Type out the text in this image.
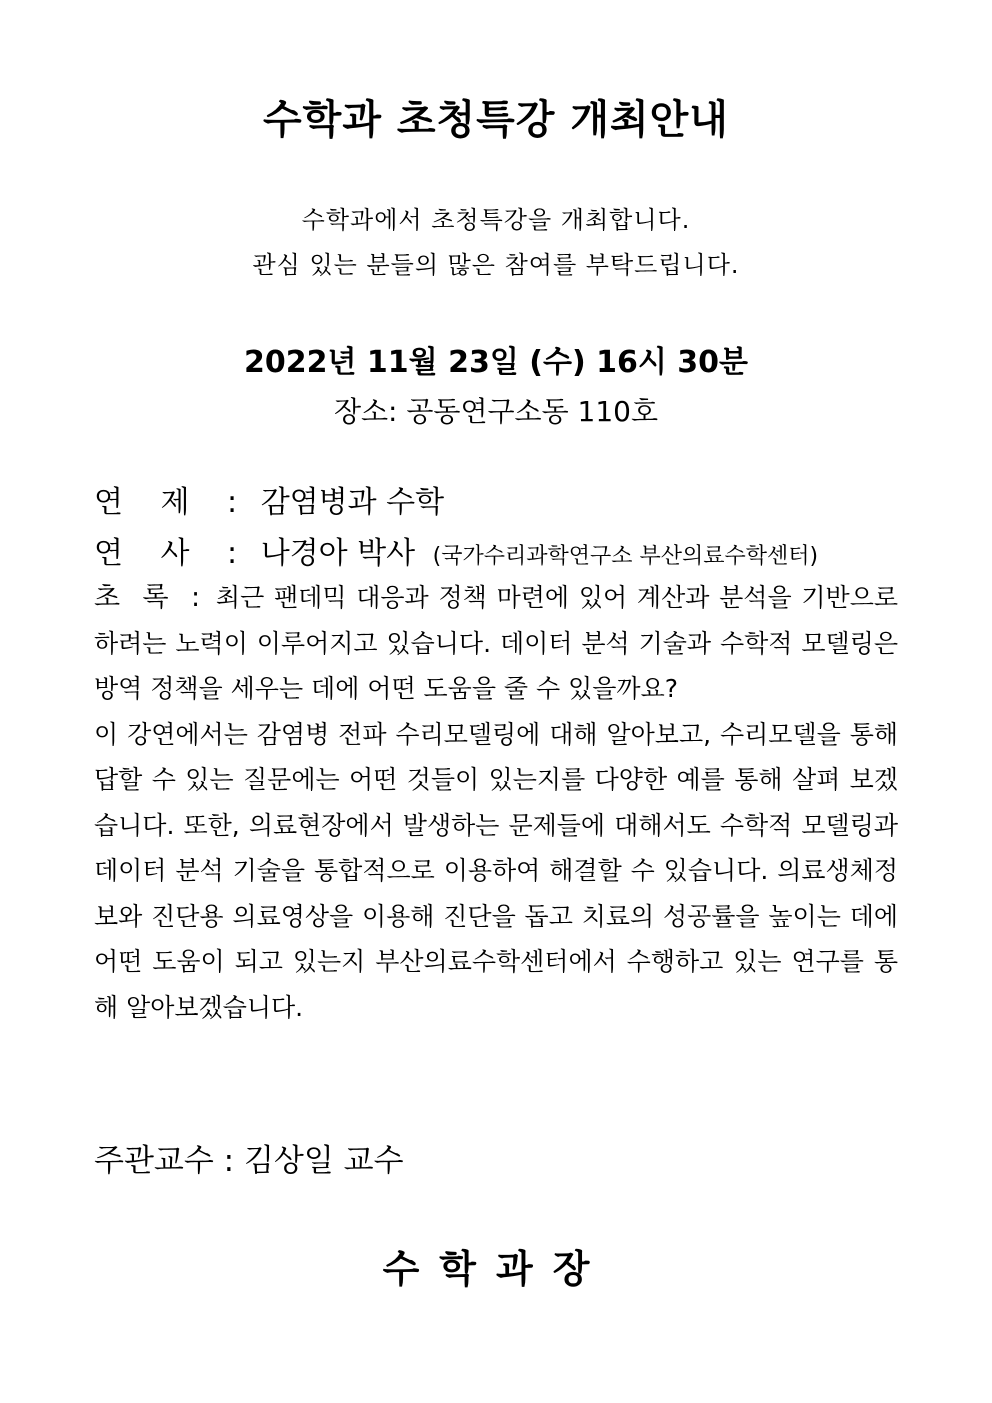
수학과 초청특강 개최안내
수학과에서 초청특강을 개최합니다.
관심 있는 분들의 많은 참여를 부탁드립니다.
2022년 11월 23일 (수) 16시 30분
장소: 공동연구소동 110호
연 제 : 감염병과 수학
연 사 : 나경아 박사 (국가수리과학연구소 부산의료수학센터)

초 록 : 최근 팬데믹 대응과 정책 마련에 있어 계산과 분석을 기반으로 하려는 노력이 이루어지고 있습니다. 데이터 분석 기술과 수학적 모델링은 방역 정책을 세우는 데에 어떤 도움을 줄 수 있을까요?

이 강연에서는 감염병 전파 수리모델링에 대해 알아보고, 수리모델을 통해 답할 수 있는 질문에는 어떤 것들이 있는지를 다양한 예를 통해 살펴 보겠습니다. 또한, 의료현장에서 발생하는 문제들에 대해서도 수학적 모델링과 데이터 분석 기술을 통합적으로 이용하여 해결할 수 있습니다. 의료생체정보와 진단용 의료영상을 이용해 진단을 돕고 치료의 성공률을 높이는 데에 어떤 도움이 되고 있는지 부산의료수학센터에서 수행하고 있는 연구를 통해 알아보겠습니다.

주관교수 : 김상일 교수
수학과장
